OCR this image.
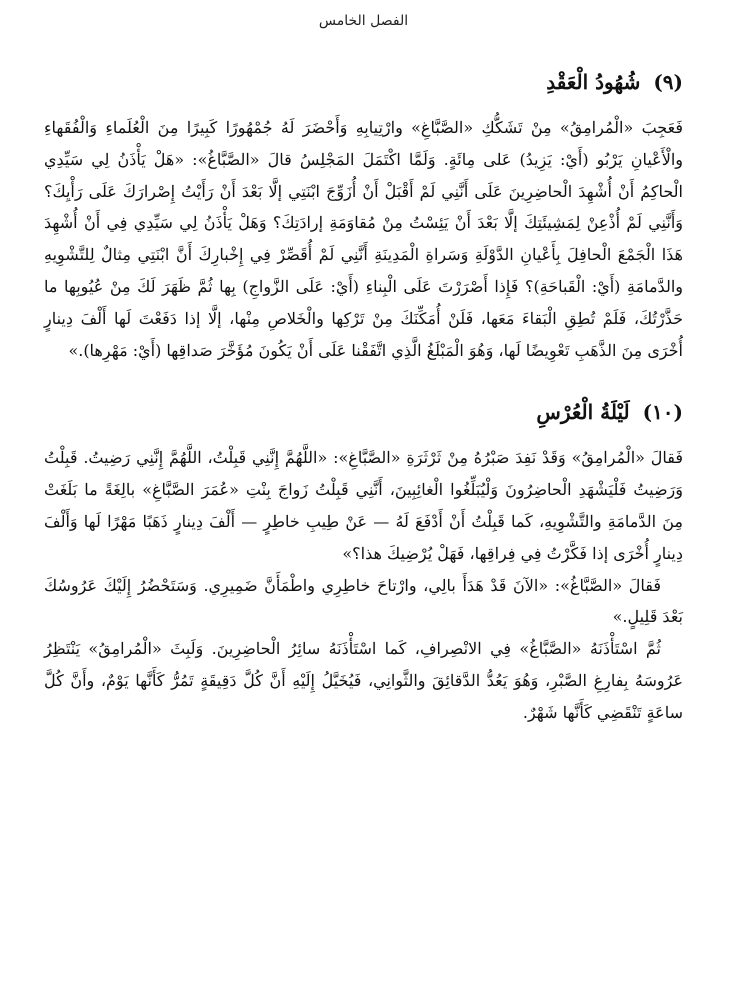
الفصل الخامس
(٩) شُهُودُ الْعَقْدِ

فَعَجِبَ «الْمُرامِقُ» مِنْ تَشَكُّكِ «الصَّبَّاغِ» وارْتِيابِهِ وَأَحْضَرَ لَهُ جُمْهُورًا كَبِيرًا مِنَ الْعُلَماءِ وَالْفُقَهاءِ والْأَعْيانِ يَرْبُو (أَيْ: يَزِيدُ) عَلى مِائَةٍ. وَلَمَّا اكْتَمَلَ المَجْلِسُ قالَ «الصَّبَّاغُ»: «هَلْ يَأْذَنُ لِي سَيِّدِي الْحاكِمُ أَنْ أُشْهِدَ الْحاضِرِينَ عَلَى أَنَّنِي لَمْ أَقْبَلْ أَنْ أُزَوِّجَ ابْنَتِي إلَّا بَعْدَ أَنْ رَأَيْتُ إِصْرارَكَ عَلَى رَأْيِكَ؟ وَأَنَّنِي لَمْ أُذْعِنْ لِمَشِيئَتِكَ إلَّا بَعْدَ أَنْ يَئِسْتُ مِنْ مُقاوَمَةِ إرادَتِكَ؟ وَهَلْ يَأْذَنُ لِي سَيِّدِي فِي أَنْ أُشْهِدَ هَذَا الْجَمْعَ الْحافِلَ بِأَعْيانِ الدَّوْلَةِ وَسَراةِ الْمَدِينَةِ أَنَّنِي لَمْ أُقَصِّرْ فِي إِخْبارِكَ أَنَّ ابْنَتِي مِثالٌ لِلتَّشْوِيهِ والدَّمامَةِ (أَيْ: الْقَباحَةِ)؟ فَإِذا أَصْرَرْتَ عَلَى الْبِناءِ (أَيْ: عَلَى الزَّواجِ) بِها ثُمَّ ظَهَرَ لَكَ مِنْ عُيُوبِها ما حَذَّرْتُكَ، فَلَمْ تُطِقِ الْبَقاءَ مَعَها، فَلَنْ أُمَكِّنَكَ مِنْ تَرْكِها والْخَلاصِ مِنْها، إلَّا إذا دَفَعْتَ لَها أَلْفَ دِينارٍ أُخْرَى مِنَ الذَّهَبِ تَعْوِيضًا لَها، وَهُوَ الْمَبْلَغُ الَّذِي اتَّفَقْنا عَلَى أَنْ يَكُونَ مُؤَخَّرَ صَداقِها (أَيْ: مَهْرِها).»

(١٠) لَيْلَةُ الْعُرْسِ

فَقالَ «الْمُرامِقُ» وَقَدْ نَفِدَ صَبْرُهُ مِنْ ثَرْثَرَةِ «الصَّبَّاغِ»: «اللَّهُمَّ إِنَّنِي قَبِلْتُ، اللَّهُمَّ إِنَّنِي رَضِيتُ. قَبِلْتُ وَرَضِيتُ فَلْيَشْهَدِ الْحاضِرُونَ وَلْيُبَلِّغُوا الْغائِبِينَ، أَنَّنِي قَبِلْتُ زَواجَ بِنْتِ «عُمَرَ الصَّبَّاغِ» بالِغَةً ما بَلَغَتْ مِنَ الدَّمامَةِ والتَّشْوِيهِ، كَما قَبِلْتُ أَنْ أَدْفَعَ لَهُ — عَنْ طِيبِ خاطِرٍ — أَلْفَ دِينارٍ ذَهَبًا مَهْرًا لَها وَأَلْفَ دِينارٍ أُخْرَى إذا فَكَّرْتُ فِي فِراقِها، فَهَلْ يُرْضِيكَ هذا؟»

فَقالَ «الصَّبَّاغُ»: «الآنَ قَدْ هَدَأَ بالِي، وارْتاحَ خاطِرِي واطْمَأَنَّ ضَمِيرِي. وَسَتَحْضُرُ إِلَيْكَ عَرُوسُكَ بَعْدَ قَلِيلٍ.»

ثُمَّ اسْتَأْذَنَهُ «الصَّبَّاغُ» فِي الانْصِرافِ، كَما اسْتَأْذَنَهُ سائِرُ الْحاضِرِينَ. وَلَبِثَ «الْمُرامِقُ» يَنْتَظِرُ عَرُوسَهُ بِفارِغِ الصَّبْرِ، وَهُوَ يَعُدُّ الدَّقائِقَ والثَّوانِي، فَيُخَيَّلُ إِلَيْهِ أَنَّ كُلَّ دَقِيقَةٍ تَمُرُّ كَأَنَّها يَوْمٌ، وأَنَّ كُلَّ ساعَةٍ تَنْقَضِي كَأَنَّها شَهْرٌ.
